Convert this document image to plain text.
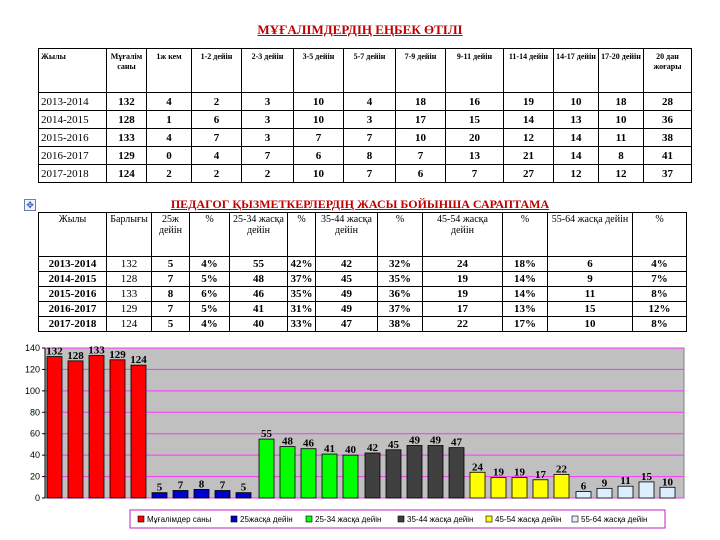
МҰҒАЛІМДЕРДІҢ ЕҢБЕК ӨТІЛІ
Жылы	Мұғалім саны	1ж кем	1-2 дейін	2-3 дейін	3-5 дейін	5-7 дейін	7-9 дейін	9-11 дейін	11-14 дейін	14-17 дейін	17-20 дейін	20 дан жоғары
2013-2014	132	4	2	3	10	4	18	16	19	10	18	28
2014-2015	128	1	6	3	10	3	17	15	14	13	10	36
2015-2016	133	4	7	3	7	7	10	20	12	14	11	38
2016-2017	129	0	4	7	6	8	7	13	21	14	8	41
2017-2018	124	2	2	2	10	7	6	7	27	12	12	37
✥	ПЕДАГОГ ҚЫЗМЕТКЕРЛЕРДІҢ ЖАСЫ БОЙЫНША САРАПТАМА
Жылы	Барлығы	25ж дейін	%	25-34 жасқа дейін	%	35-44 жасқа дейін	%	45-54 жасқа дейін	%	55-64 жасқа дейін	%
2013-2014	132	5	4%	55	42%	42	32%	24	18%	6	4%
2014-2015	128	7	5%	48	37%	45	35%	19	14%	9	7%
2015-2016	133	8	6%	46	35%	49	36%	19	14%	11	8%
2016-2017	129	7	5%	41	31%	49	37%	17	13%	15	12%
2017-2018	124	5	4%	40	33%	47	38%	22	17%	10	8%
0
20
40
60
80
100
120
140 132 128 133 129 124
5 7 8 7 5
55
48 46 41 40 42 45 49 49 47
24 19 19 17 22
6 9 11 15 10
Мұғалімдер саны	25жасқа дейін	25-34 жасқа дейін	35-44 жасқа дейін	45-54 жасқа дейін 55-64 жасқа дейін
